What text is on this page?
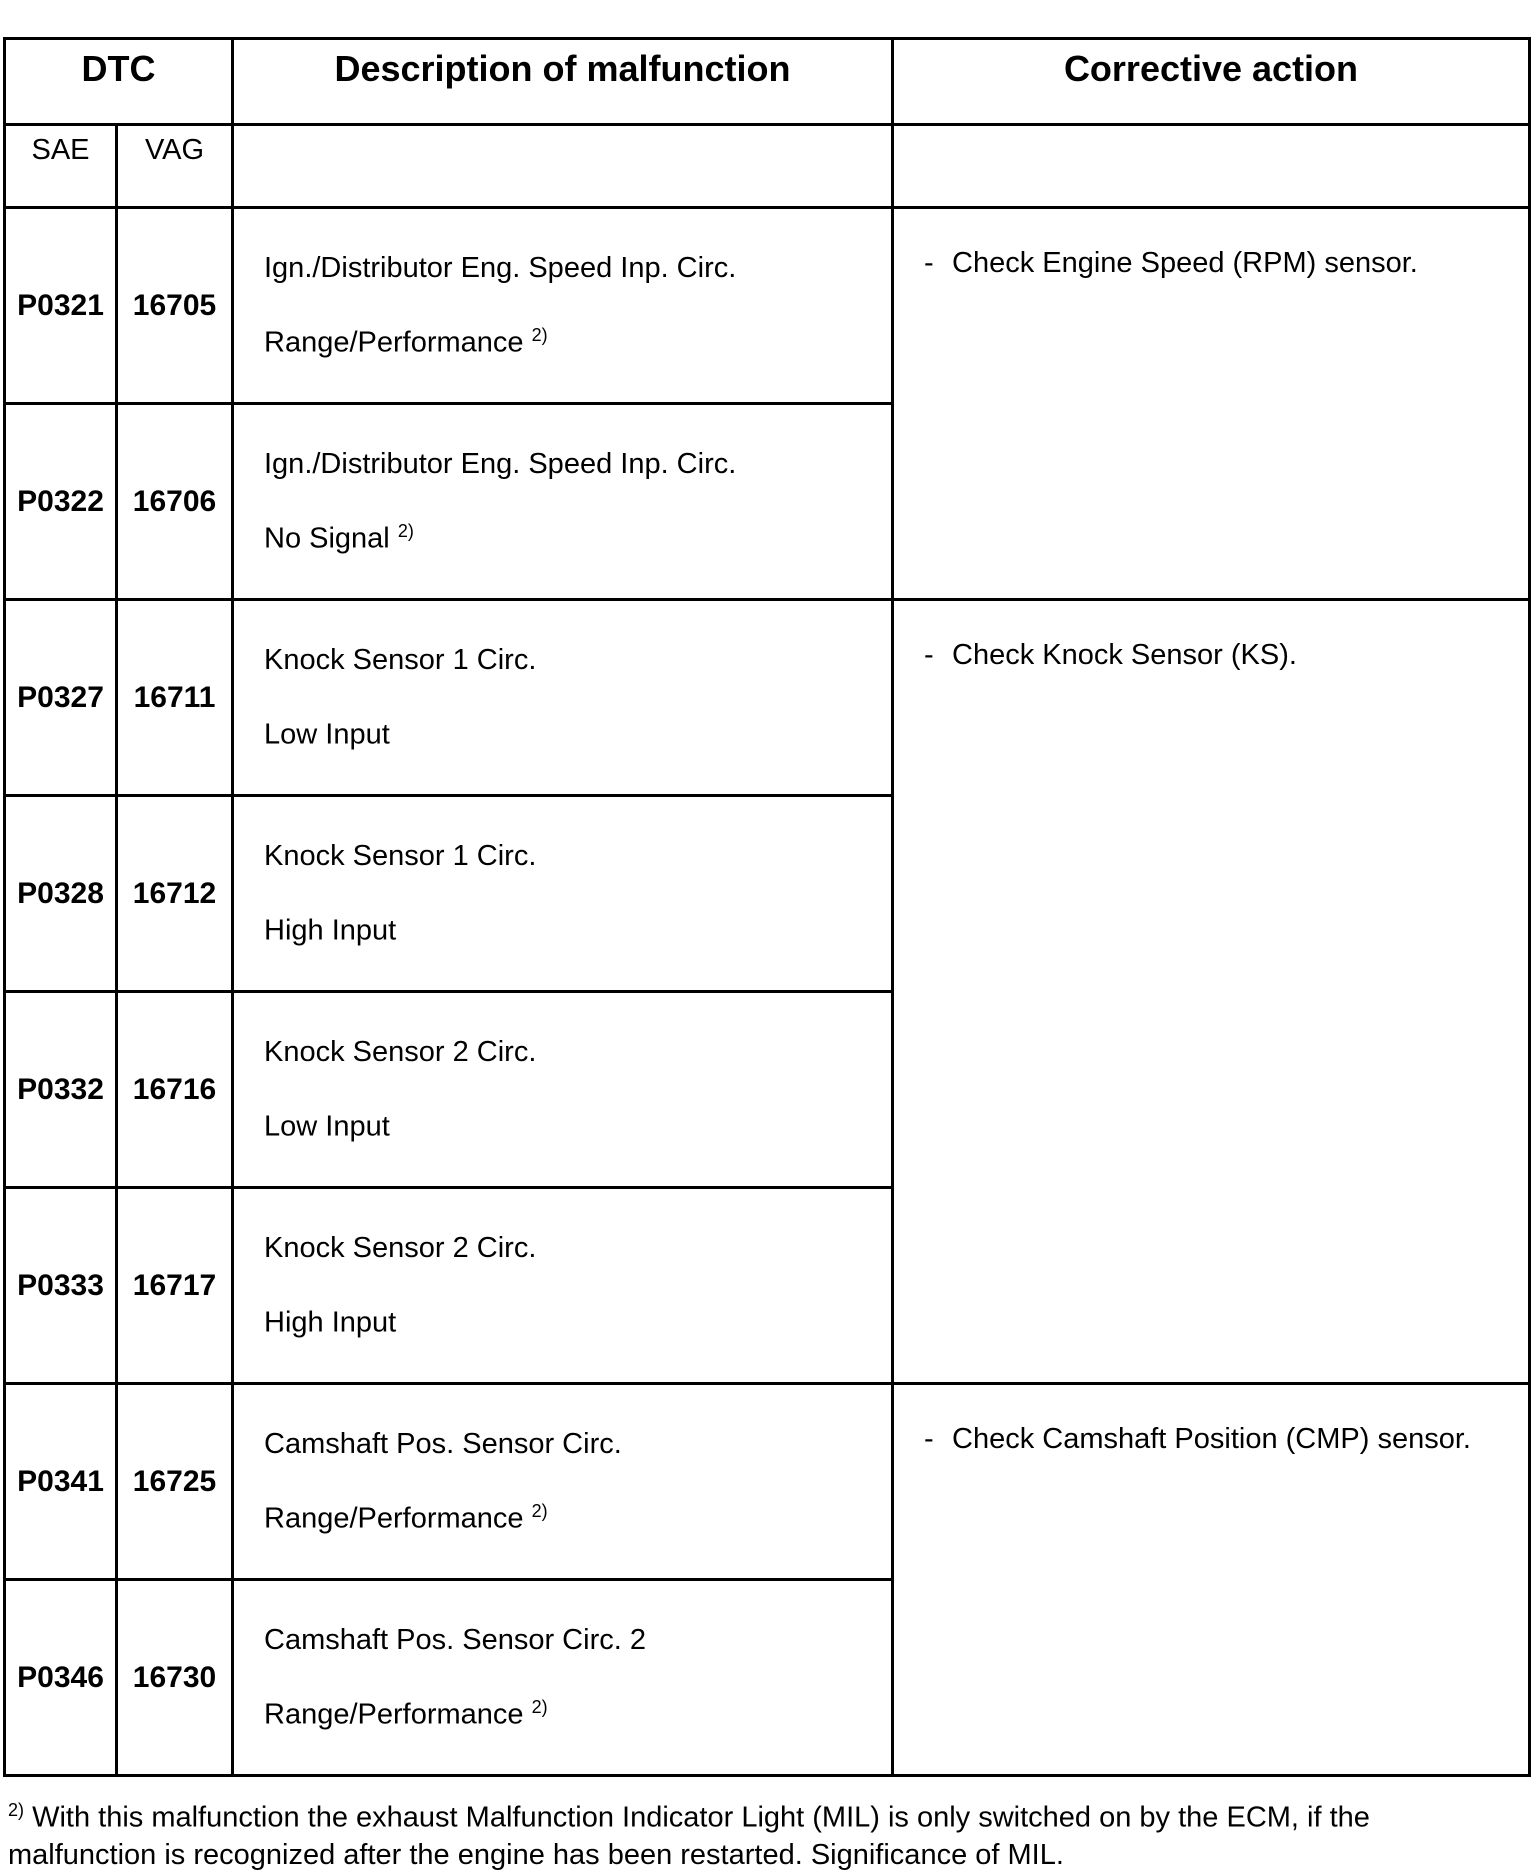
DTC		Description of malfunction	Corrective action
SAE	VAG		
P0321	16705	Ign./Distributor Eng. Speed Inp. Circ.
Range/Performance $^{2)}$	- Check Engine Speed (RPM) sensor.

P0322	16706	Ign./Distributor Eng. Speed Inp. Circ.
No Signal $^{2)}$

P0327	16711	Knock Sensor 1 Circ.
Low Input	- Check Knock Sensor (KS).

P0328	16712	Knock Sensor 1 Circ.
High Input	

P0332	16716	Knock Sensor 2 Circ.
Low Input	

P0333	16717	Knock Sensor 2 Circ.
High Input	

P0341	16725	Camshaft Pos. Sensor Circ.
Range/Performance $^{2)}$	- Check Camshaft Position (CMP) sensor.

P0346	16730	Camshaft Pos. Sensor Circ. 2
Range/Performance $^{2)}$
$^{2)}$ With this malfunction the exhaust Malfunction Indicator Light (MIL) is only switched on by the ECM, if the malfunction is recognized after the engine has been restarted. Significance of MIL.
